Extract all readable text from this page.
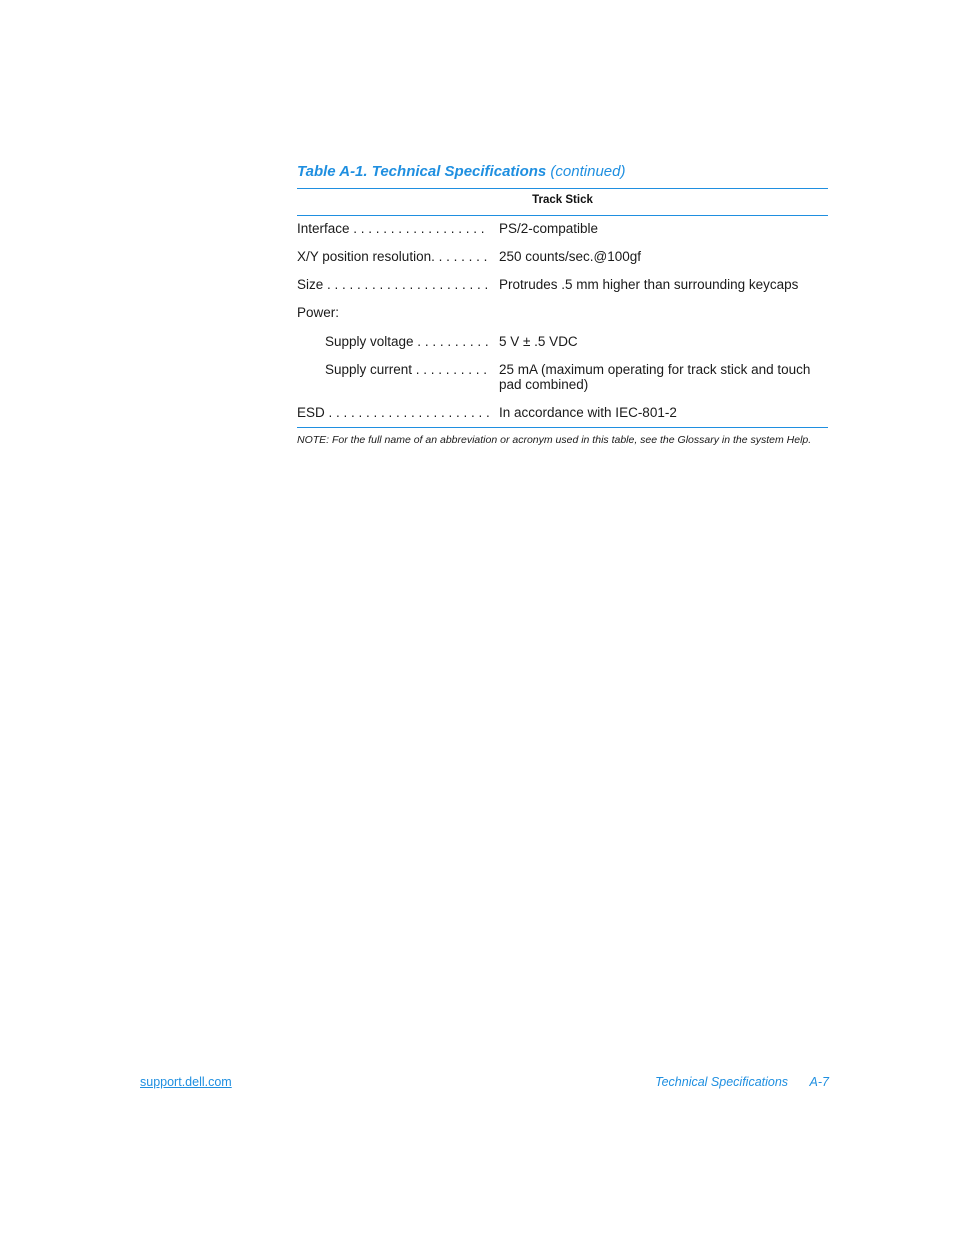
Table A-1. Technical Specifications (continued)
Track Stick
Interface . . . . . . . . . . . . . . . . . . PS/2-compatible
X/Y position resolution. . . . . . . . 250 counts/sec.@100gf
Size . . . . . . . . . . . . . . . . . . . . . . Protrudes .5 mm higher than surrounding keycaps
Power:
Supply voltage . . . . . . . . . . 5 V ± .5 VDC
Supply current . . . . . . . . . . 25 mA (maximum operating for track stick and touch pad combined)
ESD . . . . . . . . . . . . . . . . . . . . . . In accordance with IEC-801-2
NOTE: For the full name of an abbreviation or acronym used in this table, see the Glossary in the system Help.
support.dell.com	Technical Specifications A-7
